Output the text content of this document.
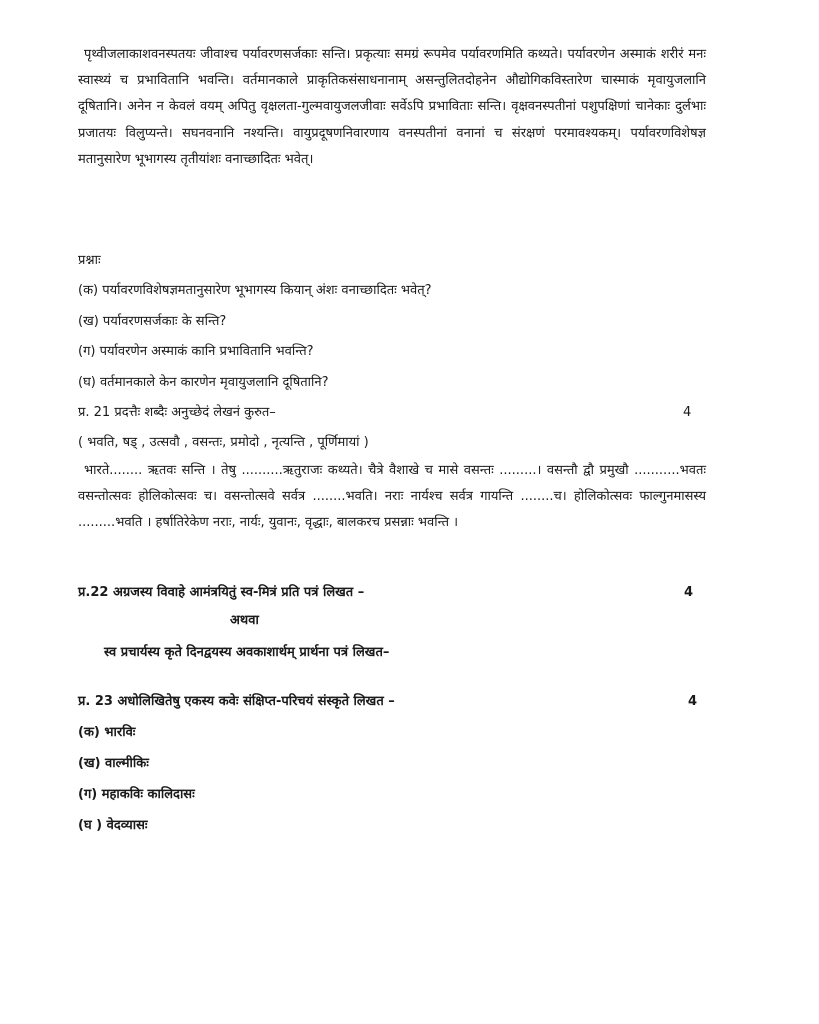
पृथ्वीजलाकाशवनस्पतयः जीवाश्च पर्यावरणसर्जकाः सन्ति। प्रकृत्याः समग्रं रूपमेव पर्यावरणमिति कथ्यते। पर्यावरणेन अस्माकं शरीरं मनः स्वास्थ्यं च प्रभावितानि भवन्ति। वर्तमानकाले प्राकृतिकसंसाधनानाम् असन्तुलितदोहनेन औद्योगिकविस्तारेण चास्माकं मृवायुजलानि दूषितानि। अनेन न केवलं वयम् अपितु वृक्षलता-गुल्मवायुजलजीवाः सर्वेऽपि प्रभाविताः सन्ति। वृक्षवनस्पतीनां पशुपक्षिणां चानेकाः दुर्लभाः प्रजातयः विलुप्यन्ते। सघनवनानि नश्यन्ति। वायुप्रदूषणनिवारणाय वनस्पतीनां वनानां च संरक्षणं परमावश्यकम्। पर्यावरणविशेषज्ञ मतानुसारेण भूभागस्य तृतीयांशः वनाच्छादितः भवेत्।
प्रश्नाः
(क) पर्यावरणविशेषज्ञमतानुसारेण भूभागस्य कियान् अंशः वनाच्छादितः भवेत्?
(ख) पर्यावरणसर्जकाः के सन्ति?
(ग) पर्यावरणेन अस्माकं कानि प्रभावितानि भवन्ति?
(घ) वर्तमानकाले केन कारणेन मृवायुजलानि दूषितानि?
प्र. 21 प्रदत्तैः शब्दैः अनुच्छेदं लेखनं कुरुत–	4
( भवति, षड् , उत्सवौ , वसन्तः, प्रमोदो , नृत्यन्ति , पूर्णिमायां )
भारते........ ऋतवः सन्ति । तेषु ..........ऋतुराजः कथ्यते। चैत्रे वैशाखे च मासे वसन्तः .........। वसन्तौ द्वौ प्रमुखौ ...........भवतः वसन्तोत्सवः होलिकोत्सवः च। वसन्तोत्सवे सर्वत्र ........भवति। नराः नार्यश्च सर्वत्र गायन्ति ........च। होलिकोत्सवः फाल्गुनमासस्य .........भवति । हर्षातिरेकेण नराः, नार्यः, युवानः, वृद्धाः, बालकरच प्रसन्नाः भवन्ति ।
प्र.22 अग्रजस्य विवाहे आमंत्रयितुं स्व-मित्रं प्रति पत्रं लिखत –	4
अथवा
स्व प्रचार्यस्य कृते दिनद्वयस्य अवकाशार्थम् प्रार्थना पत्रं लिखत–
प्र. 23 अधोलिखितेषु एकस्य कवेः संक्षिप्त-परिचयं संस्कृते लिखत –	4
(क) भारविः
(ख) वाल्मीकिः
(ग) महाकविः कालिदासः
(घ ) वेदव्यासः
